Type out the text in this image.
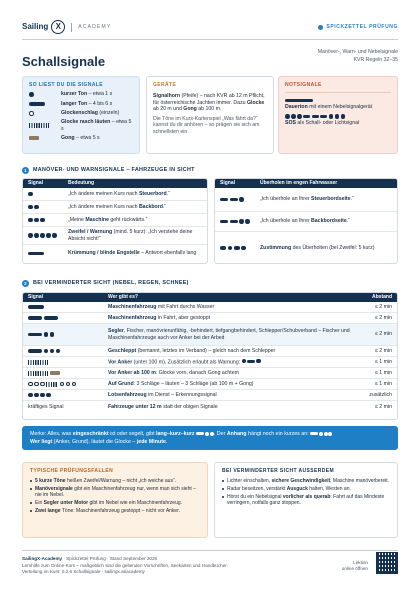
Sailing X	ACADEMY	SPICKZETTEL PRÜFUNG
Schallsignale
Manöver-, Warn- und Nebelsignale
KVR Regeln 32–35
SO LIEST DU DIE SIGNALE
kurzer Ton – etwa 1 s
langer Ton – 4 bis 6 s
Glockenschlag (einzeln)
Glocke rasch läuten – etwa 5 s
Gong – etwa 5 s
GERÄTE

Signalhorn (Pfeife) – nach KVR ab 12 m Pflicht, für österreichische Jachten immer. Dazu Glocke ab 20 m und Gong ab 100 m.

Die Töne im Kurs-Kartenspiel „Was fährt da?“ kannst du dir anhören – so prägen sie sich am schnellsten ein.

NOTSIGNALE
Dauerton mit einem Nebelsignalgerät
SOS als Schall- oder Lichtsignal
1	MANÖVER- UND WARNSIGNALE – FAHRZEUGE IN SICHT
Signal	Bedeutung
„Ich ändere meinen Kurs nach Steuerbord.“
„Ich ändere meinen Kurs nach Backbord.“
„Meine Maschine geht rückwärts.“
Zweifel / Warnung (mind. 5 kurz): „Ich verstehe deine Absicht nicht!“
Krümmung / blinde Engstelle – Antwort ebenfalls lang
Signal	Überholen im engen Fahrwasser
„Ich überhole an Ihrer Steuerbordseite.“
„Ich überhole an Ihrer Backbordseite.“
Zustimmung des Überholten (bei Zweifel: 5 kurz)
2	BEI VERMINDERTER SICHT (NEBEL, REGEN, SCHNEE)
Signal	Wer gibt es?	Abstand
Maschinenfahrzeug mit Fahrt durchs Wasser	≤ 2 min
Maschinenfahrzeug in Fahrt, aber gestoppt	≤ 2 min
Segler, Fischer, manövrierunfähig, -behindert, tiefgangbehindert, Schlepper/Schubverband – Fischer und Maschinenfahrzeuge auch vor Anker bei der Arbeit
≤ 2 min
Geschleppt (bemannt, letztes im Verband) – gleich nach dem Schlepper	≤ 2 min
Vor Anker (unter 100 m). Zusätzlich erlaubt als Warnung:	≤ 1 min
Vor Anker ab 100 m: Glocke vorn, danach Gong achtern	≤ 1 min
Auf Grund: 3 Schläge – läuten – 3 Schläge (ab 100 m + Gong)	≤ 1 min
Lotsenfahrzeug im Dienst – Erkennungssignal	zusätzlich
kräftiges Signal	Fahrzeuge unter 12 m statt der obigen Signale	≤ 2 min
Merke: Alles, was eingeschränkt ist oder segelt, gibt lang–kurz–kurz	. Der Anhang hängt noch ein kurzes an:
Wer liegt (Anker, Grund), läutet die Glocke – jede Minute.
TYPISCHE PRÜFUNGSFALLEN
5 kurze Töne heißen Zweifel/Warnung – nicht „ich weiche aus“.
Manöversignale gibt ein Maschinenfahrzeug nur, wenn man sich sieht – nie im Nebel.
Ein Segler unter Motor gibt im Nebel wie ein Maschinenfahrzeug.
Zwei lange Töne: Maschinenfahrzeug gestoppt – nicht vor Anker.
BEI VERMINDERTER SICHT AUSSERDEM
Lichter einschalten, sichere Geschwindigkeit, Maschine manöverbereit.
Radar beseitzen, verstärkt Ausguck halten, Westen an.
Hörst du ein Nebelsignal vorlicher als querab: Fahrt auf das Mindeste verringern, notfalls ganz stoppen.
SailingX-Academy · Spickzettel Prüfung · Stand September 2026
Lernhilfe zum Online-Kurs – maßgeblich sind die geltenden Vorschriften, Seekarten und Handbücher.
Verteilung im Kurs: 0.2.6 Schallsignale · sailingx.at/academy
Lektion
online öffnen
